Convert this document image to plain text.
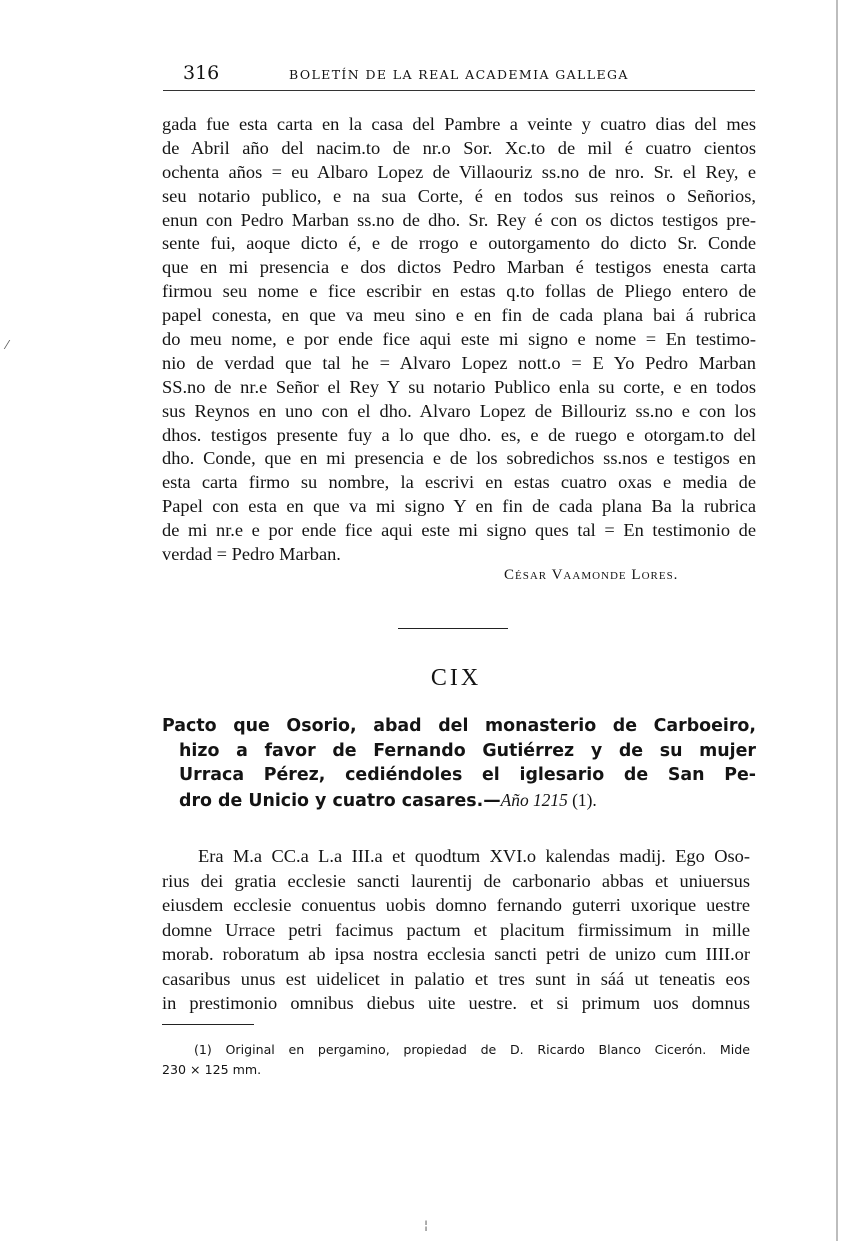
316	BOLETÍN DE LA REAL ACADEMIA GALLEGA
gada fue esta carta en la casa del Pambre a veinte y cuatro dias del mes
de Abril año del nacim.to de nr.o Sor. Xc.to de mil é cuatro cientos
ochenta años = eu Albaro Lopez de Villaouriz ss.no de nro. Sr. el Rey, e
seu notario publico, e na sua Corte, é en todos sus reinos o Señorios,
enun con Pedro Marban ss.no de dho. Sr. Rey é con os dictos testigos pre-
sente fui, aoque dicto é, e de rrogo e outorgamento do dicto Sr. Conde
que en mi presencia e dos dictos Pedro Marban é testigos enesta carta
firmou seu nome e fice escribir en estas q.to follas de Pliego entero de
papel conesta, en que va meu sino e en fin de cada plana bai á rubrica
do meu nome, e por ende fice aqui este mi signo e nome = En testimo-
nio de verdad que tal he = Alvaro Lopez nott.o = E Yo Pedro Marban
SS.no de nr.e Señor el Rey Y su notario Publico enla su corte, e en todos
sus Reynos en uno con el dho. Alvaro Lopez de Billouriz ss.no e con los
dhos. testigos presente fuy a lo que dho. es, e de ruego e otorgam.to del
dho. Conde, que en mi presencia e de los sobredichos ss.nos e testigos en
esta carta firmo su nombre, la escrivi en estas cuatro oxas e media de
Papel con esta en que va mi signo Y en fin de cada plana Ba la rubrica
de mi nr.e e por ende fice aqui este mi signo ques tal = En testimonio de
verdad = Pedro Marban.
César Vaamonde Lores.
CIX
Pacto que Osorio, abad del monasterio de Carboeiro,
hizo a favor de Fernando Gutiérrez y de su mujer
Urraca Pérez, cediéndoles el iglesario de San Pe-
dro de Unicio y cuatro casares.—Año 1215 (1).
Era M.a CC.a L.a III.a et quodtum XVI.o kalendas madij. Ego Oso-
rius dei gratia ecclesie sancti laurentij de carbonario abbas et uniuersus
eiusdem ecclesie conuentus uobis domno fernando guterri uxorique uestre
domne Urrace petri facimus pactum et placitum firmissimum in mille
morab. roboratum ab ipsa nostra ecclesia sancti petri de unizo cum IIII.or
casaribus unus est uidelicet in palatio et tres sunt in sáá ut teneatis eos
in prestimonio omnibus diebus uite uestre. et si primum uos domnus
(1) Original en pergamino, propiedad de D. Ricardo Blanco Cicerón. Mide
230 × 125 mm.
⁄
¦
